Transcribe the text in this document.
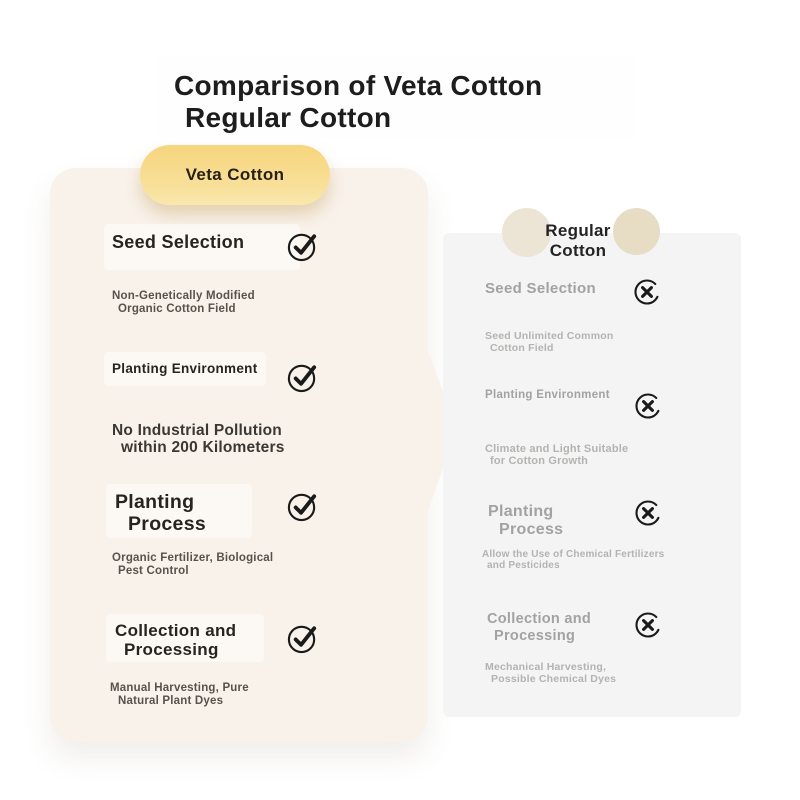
Comparison of Veta Cotton
Regular Cotton
Veta Cotton
Seed Selection
Non-Genetically Modified
Organic Cotton Field
Planting Environment
No Industrial Pollution
within 200 Kilometers
Planting
Process
Organic Fertilizer, Biological
Pest Control
Collection and
Processing
Manual Harvesting, Pure
Natural Plant Dyes
Regular
Cotton
Seed Selection
Seed Unlimited Common
Cotton Field
Planting Environment
Climate and Light Suitable
for Cotton Growth
Planting
Process
Allow the Use of Chemical Fertilizers
and Pesticides
Collection and
Processing
Mechanical Harvesting,
Possible Chemical Dyes
